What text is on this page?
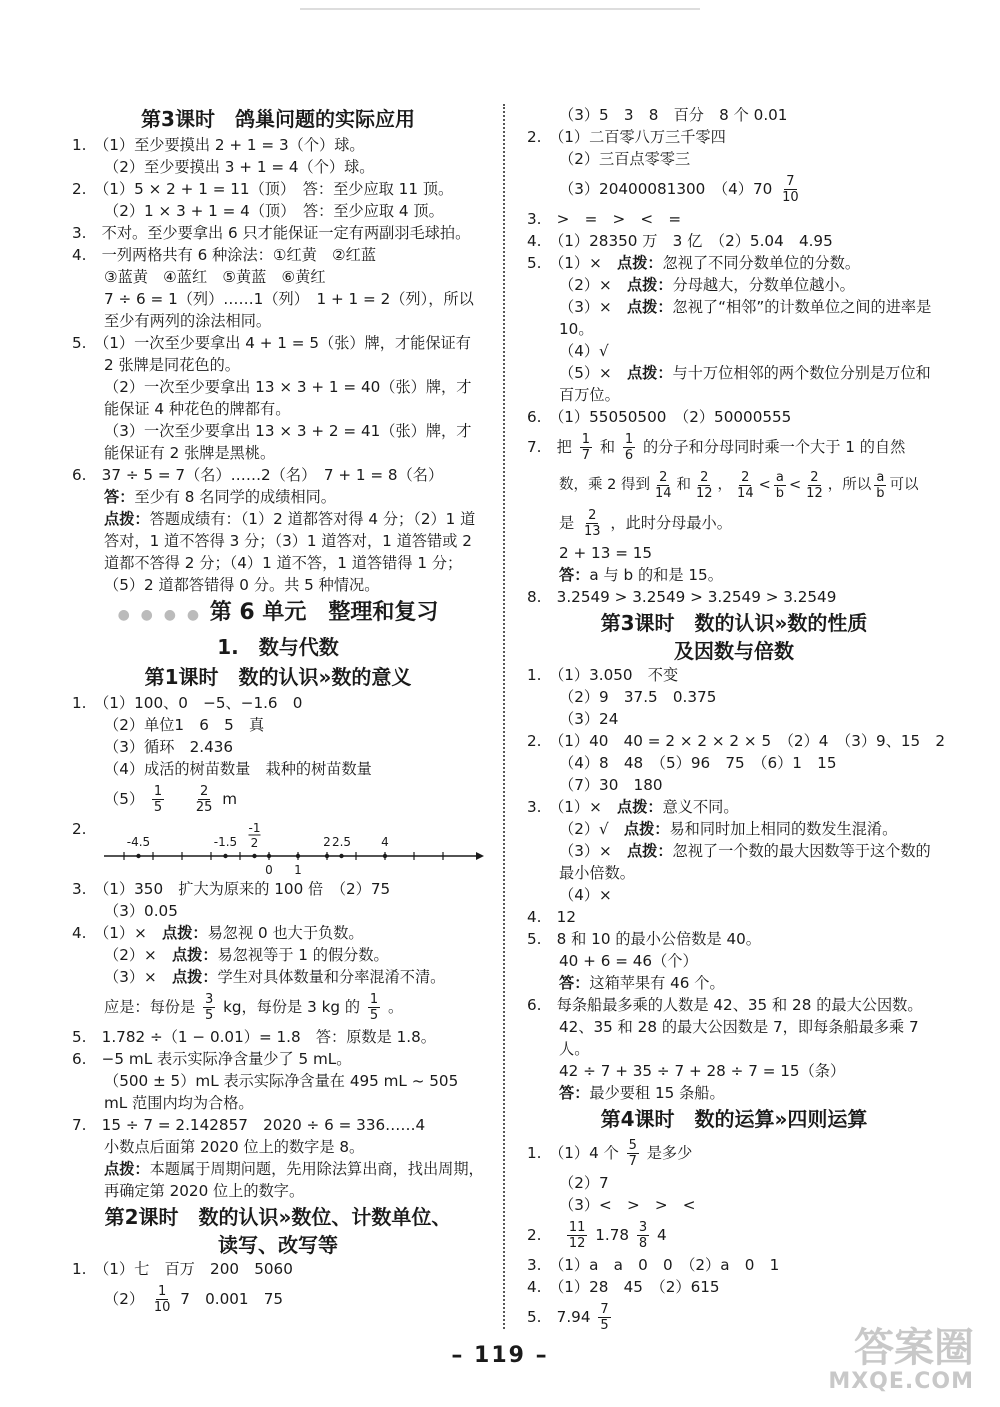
第3课时　鸽巢问题的实际应用
1.　（1）至少要摸出 2 + 1 = 3（个）球。
（2）至少要摸出 3 + 1 = 4（个）球。
2.　（1）5 × 2 + 1 = 11（顶）　答：至少应取 11 顶。
（2）1 × 3 + 1 = 4（顶）　答：至少应取 4 顶。
3.　不对。至少要拿出 6 只才能保证一定有两副羽毛球拍。
4.　一列两格共有 6 种涂法：①红黄　②红蓝
③蓝黄　④蓝红　⑤黄蓝　⑥黄红
7 ÷ 6 = 1（列）……1（列）　1 + 1 = 2（列），所以至少有两列的涂法相同。
5.　（1）一次至少要拿出 4 + 1 = 5（张）牌，才能保证有 2 张牌是同花色的。
（2）一次至少要拿出 13 × 3 + 1 = 40（张）牌，才能保证 4 种花色的牌都有。
（3）一次至少要拿出 13 × 3 + 2 = 41（张）牌，才能保证有 2 张牌是黑桃。
6.　37 ÷ 5 = 7（名）……2（名）　7 + 1 = 8（名）
答：至少有 8 名同学的成绩相同。
点拨：答题成绩有：（1）2 道都答对得 4 分；（2）1 道答对，1 道不答得 3 分；（3）1 道答对，1 道答错或 2 道都不答得 2 分；（4）1 道不答，1 道答错得 1 分；（5）2 道都答错得 0 分。共 5 种情况。
● ● ● ● 第 6 单元　整理和复习
1.　数与代数
第1课时　数的认识»数的意义
1.　（1）100、0　−5、−1.6　0
（2）单位1　6　5　真
（3）循环　2.436
（4）成活的树苗数量　栽种的树苗数量
$(5) \frac{1}{5}$
$\frac{2}{25}$ m
2.
-4.5	-1.5
-1
2
0 1
2 2.5	4
3.　（1）350　扩大为原来的 100 倍　（2）75
（3）0.05
4.　（1）×　点拨：易忽视 0 也大于负数。
（2）×　点拨：易忽视等于 1 的假分数。
（3）×　点拨：学生对具体数量和分率混淆不清。
应是：每份是 $\frac{3}{5}$ kg，每份是 3 kg 的 $\frac{1}{5}$ 。
5.　1.782 ÷（1 − 0.01）= 1.8　答：原数是 1.8。
6.　−5 mL 表示实际净含量少了 5 mL。
（500 ± 5）mL 表示实际净含量在 495 mL ~ 505 mL 范围内均为合格。
7.　15 ÷ 7 = 2.142857　2020 ÷ 6 = 336……4
小数点后面第 2020 位上的数字是 8。
点拨：本题属于周期问题，先用除法算出商，找出周期，再确定第 2020 位上的数字。
第2课时　数的认识»数位、计数单位、
读写、改写等
1.　（1）七　百万　200　5060
$(2) \frac{1}{10} 7$　0.001　75
（3）5　3　8　百分　8 个 0.01
2.　（1）二百零八万三千零四
（2）三百点零零三
（3）20400081300　$(4)70 \frac{7}{10}$
3.　>　=　>　<　=
4.　（1）28350 万　3 亿　（2）5.04　4.95
5.　（1）×　点拨：忽视了不同分数单位的分数。
（2）×　点拨：分母越大，分数单位越小。
（3）×　点拨：忽视了“相邻”的计数单位之间的进率是 10。
（4）√
（5）×　点拨：与十万位相邻的两个数位分别是万位和百万位。
6.　（1）55050500　（2）50000555
7.　把 $\frac{1}{7}$ 和 $\frac{1}{6}$ 的分子和分母同时乘一个大于 1 的自然
数，乘 2 得到 $\frac{2}{14}$ 和 $\frac{2}{12}$ ， $\frac{2}{14} < \frac{a}{b} < \frac{2}{12}$ ，所以 $\frac{a}{b}$ 可以
是 $\frac{2}{13}$ ，此时分母最小。
2 + 13 = 15
答：a 与 b 的和是 15。
8.　3.2549 > 3.2549 > 3.2549 > 3.2549
第3课时　数的认识»数的性质
及因数与倍数
1.　（1）3.050　不变
（2）9　37.5　0.375
（3）24
2.　（1）40　40 = 2 × 2 × 2 × 5　（2）4　（3）9、15　2
（4）8　48　（5）96　75　（6）1　15
（7）30　180
3.　（1）×　点拨：意义不同。
（2）√　点拨：易和同时加上相同的数发生混淆。
（3）×　点拨：忽视了一个数的最大因数等于这个数的最小倍数。
（4）×
4.　12
5.　8 和 10 的最小公倍数是 40。
40 + 6 = 46（个）
答：这箱苹果有 46 个。
6.　每条船最多乘的人数是 42、35 和 28 的最大公因数。42、35 和 28 的最大公因数是 7，即每条船最多乘 7 人。
42 ÷ 7 + 35 ÷ 7 + 28 ÷ 7 = 15（条）
答：最少要租 15 条船。
第4课时　数的运算»四则运算
1.　（1）4 个 $\frac{5}{7}$ 是多少
（2）7
（3）<　>　>　<
2. $\frac{11}{12} 1.78 \frac{3}{8} 4$
3.　（1）a　a　0　0　（2）a　0　1
4.　（1）28　45　（2）615
5.　$7.94 \frac{7}{5}$
– 119 –	答案圈
MXQE.COM
